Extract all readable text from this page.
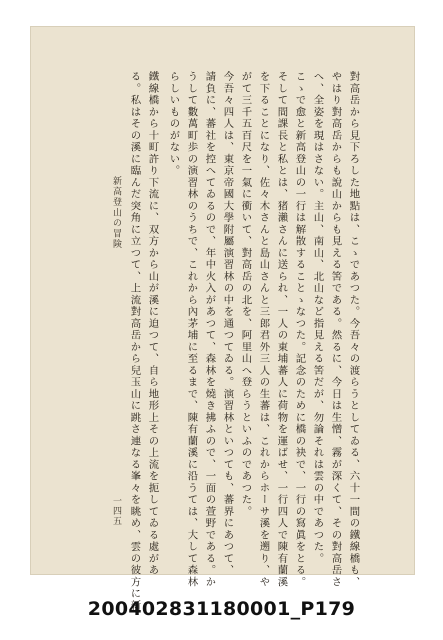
對高岳から見下ろした地點は、こゝであつた。今吾々の渡らうとしてゐる、六十一間の鐵線橋も、
やはり對高岳からも說山からも見える筈である。然るに、今日は生憎、霧が深くて、その對高岳さ
へ、全姿を現はさない。主山、南山、北山など指見える筈だが、勿論それは雲の中であつた。
こゝで愈と新高登山の一行は解散することゝなつた。記念のために橋の袂で、一行の寫眞をとる。
そして間課長と私とは、猪瀨さんに送られ、一人の東埔蕃人に荷物を運ばせ、一行四人で陳有蘭溪
を下ることになり、佐々木さんと島山さんと三郎君外三人の生蕃は、これからホーサ溪を遡り、や
がて三千五百尺を一氣に衝いて、對高岳の北を、阿里山へ登らうといふのであつた。
今吾々四人は、東京帝國大學附屬演習林の中を通つてゐる。演習林といつても、蕃界にあつて、
請負に、蕃社を控へてゐるので、年中火入があつて、森林を燒き拂ふので、一面の萱野である。か
うして數萬町歩の演習林のうちで、これから內茅埔に至るまで、陳有蘭溪に沿うては、大して森林
らしいものがない。
鐵線橋から十町許り下流に、双方から山が溪に迫つて、自ら地形上その上流を扼してゐる處があ
る。私はその溪に臨んだ突角に立つて、上流對高岳から兒玉山に跳さ連なる峯々を眺め、雲の彼方に新
新高登山の冒険
一四五
200402831180001_P179
